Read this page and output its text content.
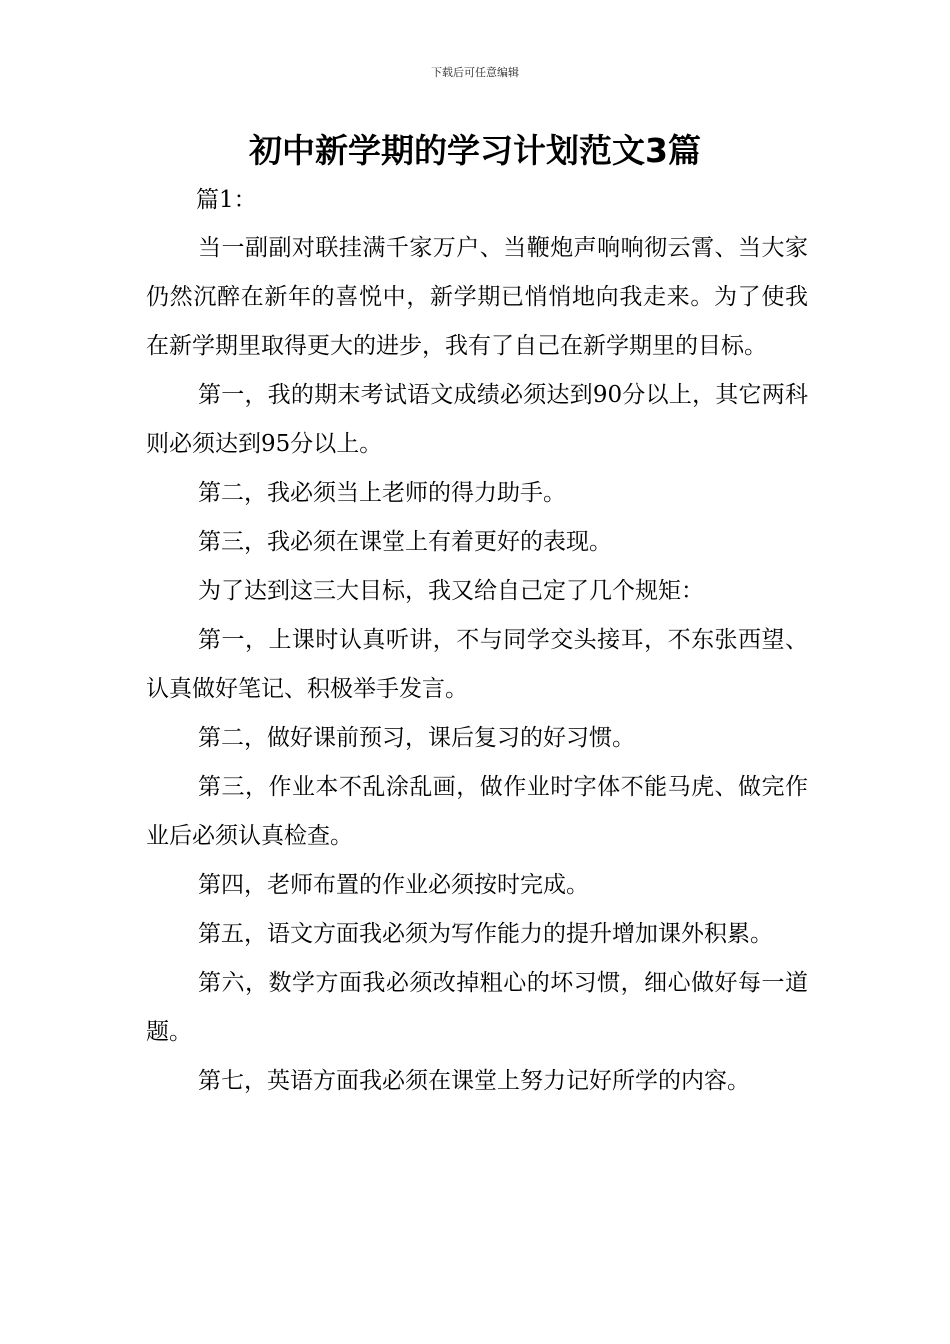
下载后可任意编辑
初中新学期的学习计划范文3篇

篇1：

当一副副对联挂满千家万户、当鞭炮声响响彻云霄、当大家仍然沉醉在新年的喜悦中，新学期已悄悄地向我走来。为了使我在新学期里取得更大的进步，我有了自己在新学期里的目标。

第一，我的期末考试语文成绩必须达到90分以上，其它两科则必须达到95分以上。

第二，我必须当上老师的得力助手。

第三，我必须在课堂上有着更好的表现。

为了达到这三大目标，我又给自己定了几个规矩：

第一，上课时认真听讲，不与同学交头接耳，不东张西望、认真做好笔记、积极举手发言。

第二，做好课前预习，课后复习的好习惯。

第三，作业本不乱涂乱画，做作业时字体不能马虎、做完作业后必须认真检查。

第四，老师布置的作业必须按时完成。

第五，语文方面我必须为写作能力的提升增加课外积累。

第六，数学方面我必须改掉粗心的坏习惯，细心做好每一道题。

第七，英语方面我必须在课堂上努力记好所学的内容。
